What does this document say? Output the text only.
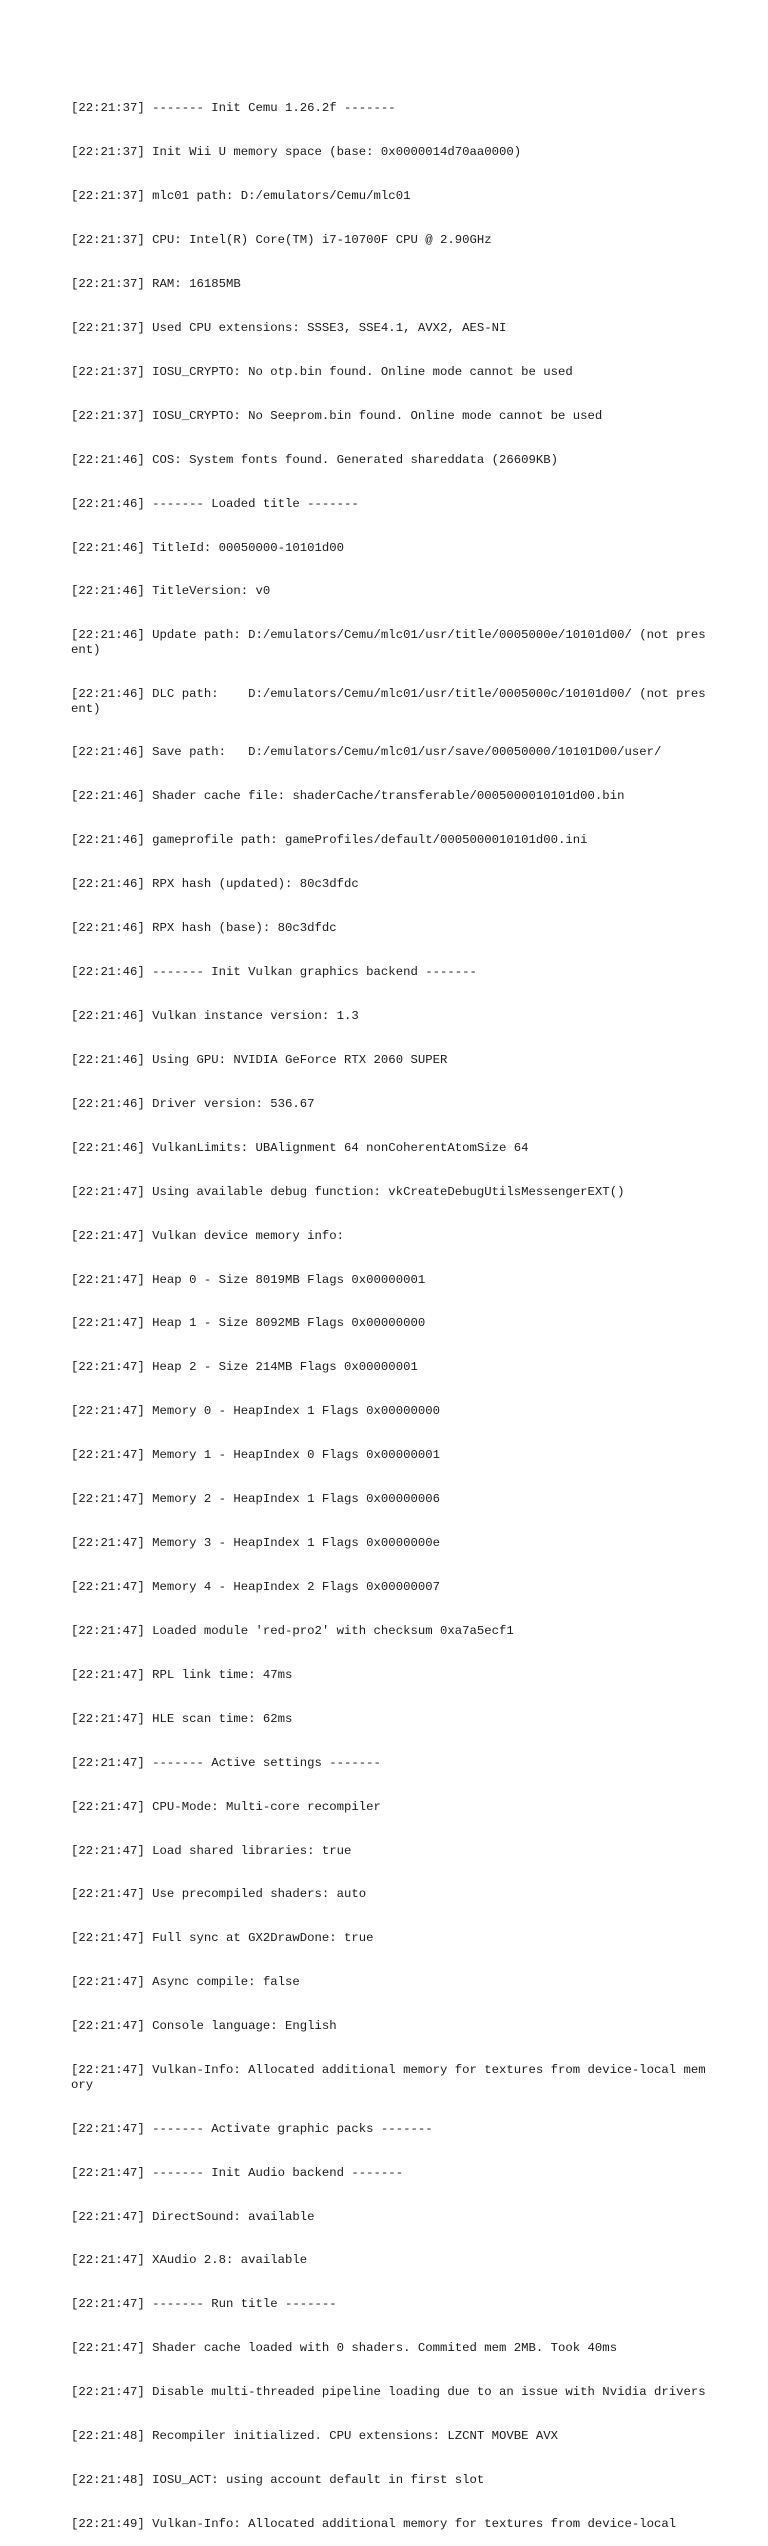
[22:21:37] ------- Init Cemu 1.26.2f -------

[22:21:37] Init Wii U memory space (base: 0x0000014d70aa0000)

[22:21:37] mlc01 path: D:/emulators/Cemu/mlc01

[22:21:37] CPU: Intel(R) Core(TM) i7-10700F CPU @ 2.90GHz

[22:21:37] RAM: 16185MB

[22:21:37] Used CPU extensions: SSSE3, SSE4.1, AVX2, AES-NI

[22:21:37] IOSU_CRYPTO: No otp.bin found. Online mode cannot be used

[22:21:37] IOSU_CRYPTO: No Seeprom.bin found. Online mode cannot be used

[22:21:46] COS: System fonts found. Generated shareddata (26609KB)

[22:21:46] ------- Loaded title -------

[22:21:46] TitleId: 00050000-10101d00

[22:21:46] TitleVersion: v0

[22:21:46] Update path: D:/emulators/Cemu/mlc01/usr/title/0005000e/10101d00/ (not present)

[22:21:46] DLC path:    D:/emulators/Cemu/mlc01/usr/title/0005000c/10101d00/ (not present)

[22:21:46] Save path:   D:/emulators/Cemu/mlc01/usr/save/00050000/10101D00/user/

[22:21:46] Shader cache file: shaderCache/transferable/0005000010101d00.bin

[22:21:46] gameprofile path: gameProfiles/default/0005000010101d00.ini

[22:21:46] RPX hash (updated): 80c3dfdc

[22:21:46] RPX hash (base): 80c3dfdc

[22:21:46] ------- Init Vulkan graphics backend -------

[22:21:46] Vulkan instance version: 1.3

[22:21:46] Using GPU: NVIDIA GeForce RTX 2060 SUPER

[22:21:46] Driver version: 536.67

[22:21:46] VulkanLimits: UBAlignment 64 nonCoherentAtomSize 64

[22:21:47] Using available debug function: vkCreateDebugUtilsMessengerEXT()

[22:21:47] Vulkan device memory info:

[22:21:47] Heap 0 - Size 8019MB Flags 0x00000001

[22:21:47] Heap 1 - Size 8092MB Flags 0x00000000

[22:21:47] Heap 2 - Size 214MB Flags 0x00000001

[22:21:47] Memory 0 - HeapIndex 1 Flags 0x00000000

[22:21:47] Memory 1 - HeapIndex 0 Flags 0x00000001

[22:21:47] Memory 2 - HeapIndex 1 Flags 0x00000006

[22:21:47] Memory 3 - HeapIndex 1 Flags 0x0000000e

[22:21:47] Memory 4 - HeapIndex 2 Flags 0x00000007

[22:21:47] Loaded module 'red-pro2' with checksum 0xa7a5ecf1

[22:21:47] RPL link time: 47ms

[22:21:47] HLE scan time: 62ms

[22:21:47] ------- Active settings -------

[22:21:47] CPU-Mode: Multi-core recompiler

[22:21:47] Load shared libraries: true

[22:21:47] Use precompiled shaders: auto

[22:21:47] Full sync at GX2DrawDone: true

[22:21:47] Async compile: false

[22:21:47] Console language: English

[22:21:47] Vulkan-Info: Allocated additional memory for textures from device-local memory

[22:21:47] ------- Activate graphic packs -------

[22:21:47] ------- Init Audio backend -------

[22:21:47] DirectSound: available

[22:21:47] XAudio 2.8: available

[22:21:47] ------- Run title -------

[22:21:47] Shader cache loaded with 0 shaders. Commited mem 2MB. Took 40ms

[22:21:47] Disable multi-threaded pipeline loading due to an issue with Nvidia drivers

[22:21:48] Recompiler initialized. CPU extensions: LZCNT MOVBE AVX

[22:21:48] IOSU_ACT: using account default in first slot

[22:21:49] Vulkan-Info: Allocated additional memory for textures from device-local
